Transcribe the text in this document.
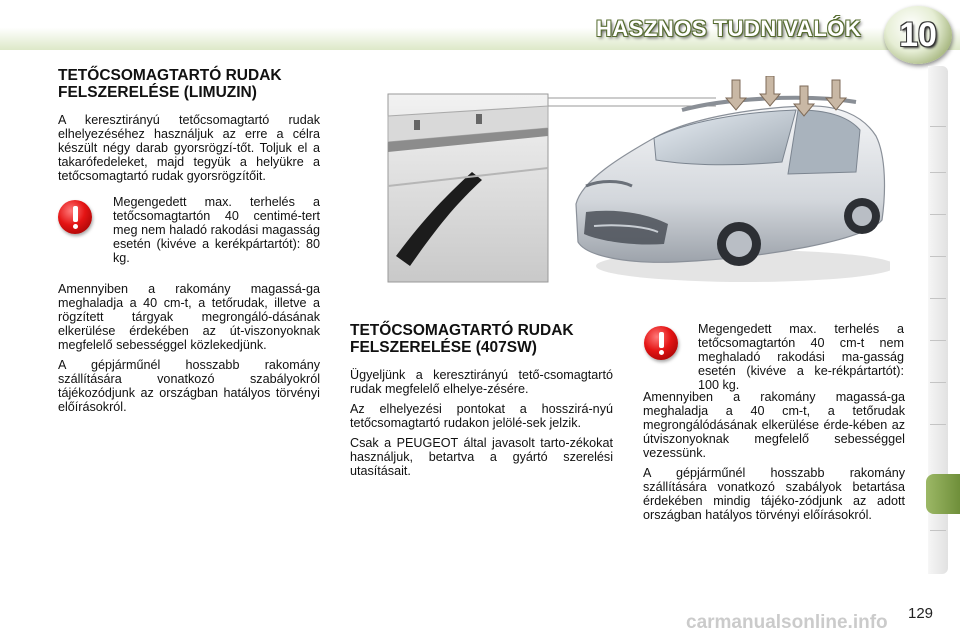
HASZNOS TUDNIVALÓK 10
TETŐCSOMAGTARTÓ RUDAK
FELSZERELÉSE (LIMUZIN)

A keresztirányú tetőcsomagtartó rudak elhelyezéséhez használjuk az erre a célra készült négy darab gyorsrögzí-tőt. Toljuk el a takarófedeleket, majd tegyük a helyükre a tetőcsomagtartó rudak gyorsrögzítőit.

Megengedett max. terhelés a tetőcsomagtartón 40 centimé-tert meg nem haladó rakodási magasság esetén (kivéve a kerékpártartót): 80 kg.

Amennyiben a rakomány magassá-ga meghaladja a 40 cm-t, a tetőrudak, illetve a rögzített tárgyak megrongáló-dásának elkerülése érdekében az út-viszonyoknak megfelelő sebességgel közlekedjünk.

A gépjárműnél hosszabb rakomány szállítására vonatkozó szabályokról tájékozódjunk az országban hatályos törvényi előírásokról.

TETŐCSOMAGTARTÓ RUDAK
FELSZERELÉSE (407SW)

Ügyeljünk a keresztirányú tető-csomagtartó rudak megfelelő elhelye-zésére.

Az elhelyezési pontokat a hosszirá-nyú tetőcsomagtartó rudakon jelölé-sek jelzik.

Csak a PEUGEOT által javasolt tarto-zékokat használjuk, betartva a gyártó szerelési utasításait.

Megengedett max. terhelés a tetőcsomagtartón 40 cm-t nem meghaladó rakodási ma-gasság esetén (kivéve a ke-rékpártartót): 100 kg.

Amennyiben a rakomány magassá-ga meghaladja a 40 cm-t, a tetőrudak megrongálódásának elkerülése érde-kében az útviszonyoknak megfelelő sebességgel vezessünk.

A gépjárműnél hosszabb rakomány szállítására vonatkozó szabályok betartása érdekében mindig tájéko-zódjunk az adott országban hatályos törvényi előírásokról.

carmanualsonline.info 129
